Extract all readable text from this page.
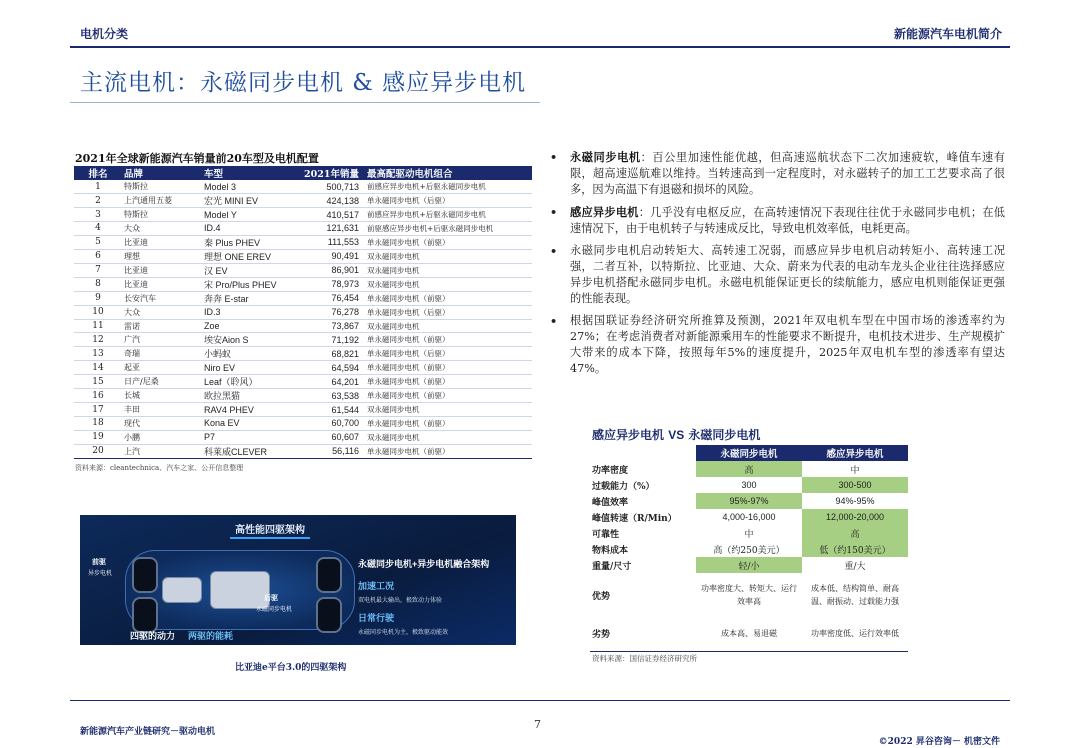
电机分类	新能源汽车电机简介
主流电机：永磁同步电机 & 感应异步电机
2021年全球新能源汽车销量前20车型及电机配置
排名	品牌	车型	2021年销量	最高配驱动电机组合
1	特斯拉	Model 3	500,713	前感应异步电机+后驱永磁同步电机
2	上汽通用五菱	宏光 MINI EV	424,138	单永磁同步电机（后驱）
3	特斯拉	Model Y	410,517	前感应异步电机+后驱永磁同步电机
4	大众	ID.4	121,631	前驱感应异步电机+后驱永磁同步电机
5	比亚迪	秦 Plus PHEV	111,553	单永磁同步电机（前驱）
6	理想	理想 ONE EREV	90,491	双永磁同步电机
7	比亚迪	汉 EV	86,901	双永磁同步电机
8	比亚迪	宋 Pro/Plus PHEV	78,973	双永磁同步电机
9	长安汽车	奔奔 E-star	76,454	单永磁同步电机（前驱）
10	大众	ID.3	76,278	单永磁同步电机（后驱）
11	雷诺	Zoe	73,867	双永磁同步电机
12	广汽	埃安Aion S	71,192	单永磁同步电机（前驱）
13	奇瑞	小蚂蚁	68,821	单永磁同步电机（后驱）
14	起亚	Niro EV	64,594	单永磁同步电机（前驱）
15	日产/尼桑	Leaf（聆风）	64,201	单永磁同步电机（前驱）
16	长城	欧拉黑猫	63,538	单永磁同步电机（前驱）
17	丰田	RAV4 PHEV	61,544	双永磁同步电机
18	现代	Kona EV	60,700	单永磁同步电机（前驱）
19	小鹏	P7	60,607	双永磁同步电机
20	上汽	科莱威CLEVER	56,116	单永磁同步电机（前驱）
资料来源：cleantechnica、汽车之家、公开信息整理
高性能四驱架构
前驱
异步电机
后驱
永磁同步电机
永磁同步电机+异步电机融合架构
加速工况
双电机最大输出，极致动力体验
日常行驶
永磁同步电机为主，极致驱动能效
四驱的动力 两驱的能耗
比亚迪e平台3.0的四驱架构
• 永磁同步电机：百公里加速性能优越，但高速巡航状态下二次加速疲软，峰值车速有限，超高速巡航难以维持。当转速高到一定程度时，对永磁转子的加工工艺要求高了很多，因为高温下有退磁和损坏的风险。
• 感应异步电机：几乎没有电枢反应，在高转速情况下表现往往优于永磁同步电机；在低速情况下，由于电机转子与转速成反比，导致电机效率低，电耗更高。
• 永磁同步电机启动转矩大、高转速工况弱，而感应异步电机启动转矩小、高转速工况强，二者互补，以特斯拉、比亚迪、大众、蔚来为代表的电动车龙头企业往往选择感应异步电机搭配永磁同步电机。永磁电机能保证更长的续航能力，感应电机则能保证更强的性能表现。
• 根据国联证券经济研究所推算及预测，2021年双电机车型在中国市场的渗透率约为27%；在考虑消费者对新能源乘用车的性能要求不断提升，电机技术进步、生产规模扩大带来的成本下降，按照每年5%的速度提升，2025年双电机车型的渗透率有望达47%。
感应异步电机 VS 永磁同步电机
	永磁同步电机	感应异步电机
功率密度	高	中
过载能力（%）	300	300-500
峰值效率	95%-97%	94%-95%
峰值转速（R/Min）	4,000-16,000	12,000-20,000
可靠性	中	高
物料成本	高（约250美元）	低（约150美元）
重量/尺寸	轻/小	重/大
优势	功率密度大、转矩大、运行效率高	成本低、结构简单、耐高温、耐振动、过载能力强
劣势	成本高、易退磁	功率密度低、运行效率低
资料来源：国信证券经济研究所
新能源汽车产业链研究－驱动电机
7
©2022 昇谷咨询－ 机密文件
